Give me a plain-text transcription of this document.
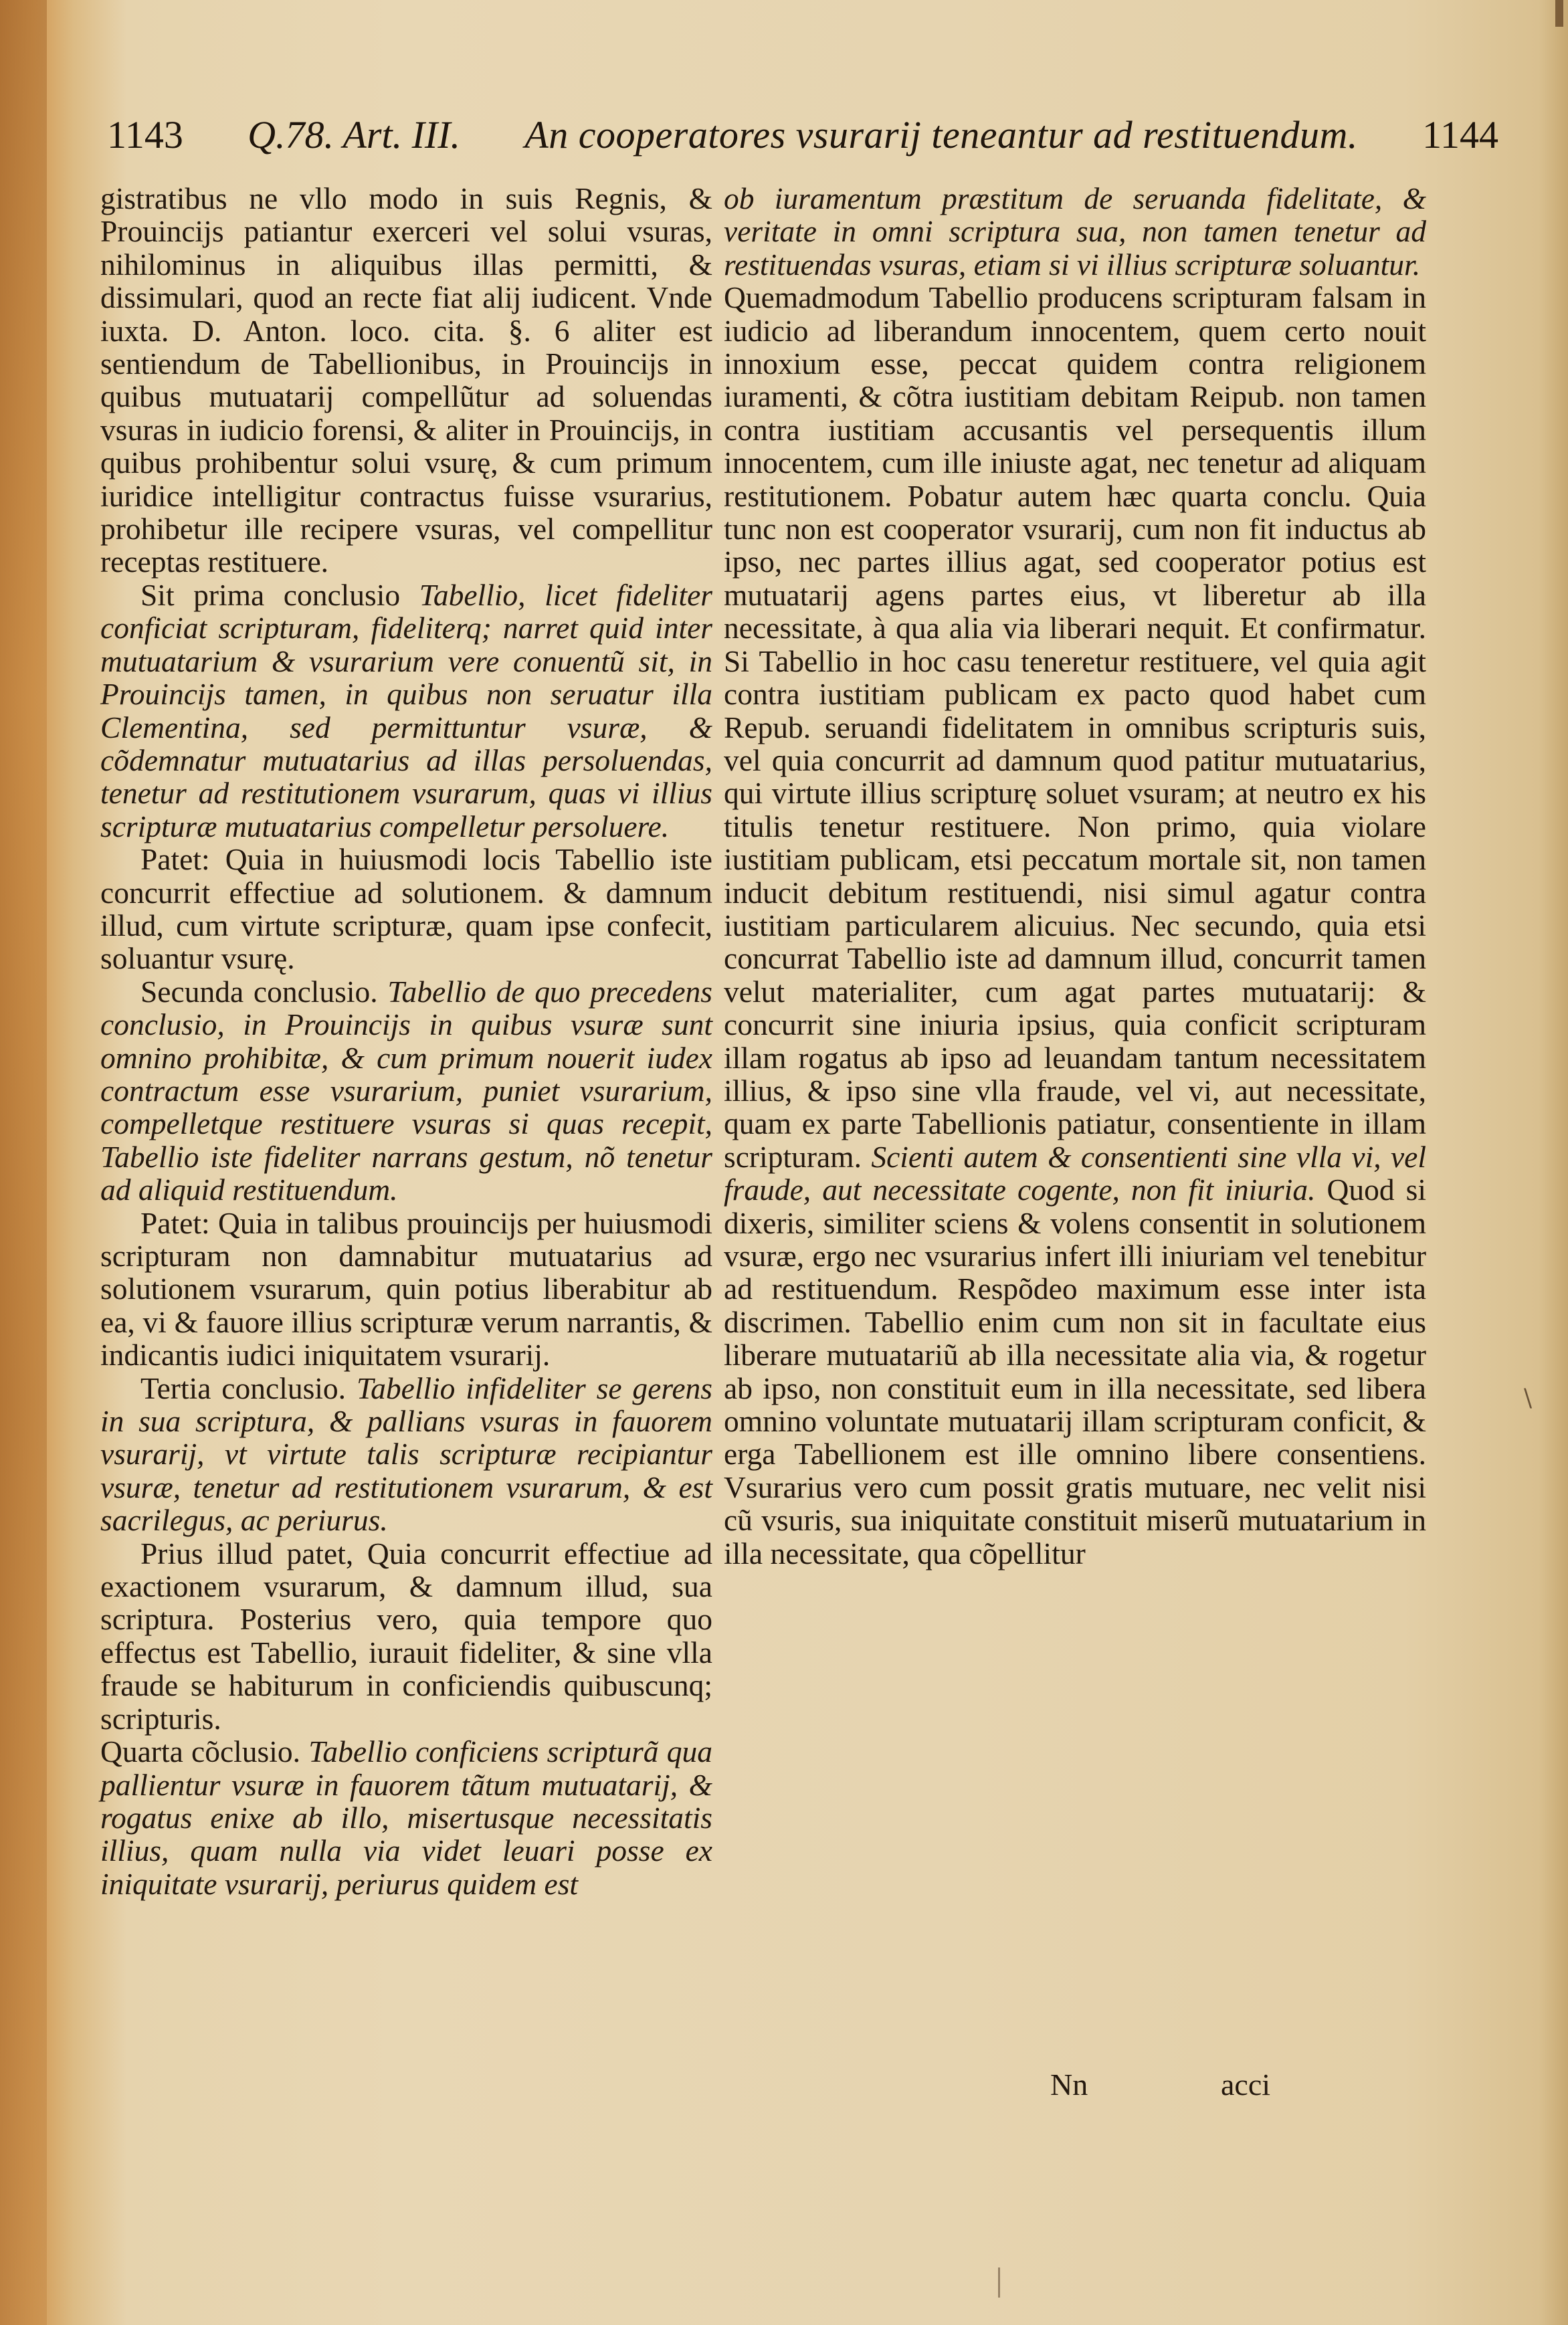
\
1143 Q.78. Art. III. An cooperatores vsurarij teneantur ad restituendum. 1144

gistratibus ne vllo modo in suis Regnis, & Prouincijs patiantur exerceri vel solui vsuras, nihilominus in aliquibus illas permitti, & dissimulari, quod an recte fiat alij iudicent. Vnde iuxta. D. Anton. loco. cita. §. 6 aliter est sentiendum de Tabellionibus, in Prouincijs in quibus mutuatarij compellũtur ad soluendas vsuras in iudicio forensi, & aliter in Prouincijs, in quibus prohibentur solui vsurę, & cum primum iuridice intelligitur contractus fuisse vsurarius, prohibetur ille recipere vsuras, vel compellitur receptas restituere.

Sit prima conclusio Tabellio, licet fideliter conficiat scripturam, fideliterq; narret quid inter mutuatarium & vsurarium vere conuentũ sit, in Prouincijs tamen, in quibus non seruatur illa Clementina, sed permittuntur vsuræ, & cõdemnatur mutuatarius ad illas persoluendas, tenetur ad restitutionem vsurarum, quas vi illius scripturæ mutuatarius compelletur persoluere.

Patet: Quia in huiusmodi locis Tabellio iste concurrit effectiue ad solutionem. & damnum illud, cum virtute scripturæ, quam ipse confecit, soluantur vsurę.

Secunda conclusio. Tabellio de quo precedens conclusio, in Prouincijs in quibus vsuræ sunt omnino prohibitæ, & cum primum nouerit iudex contractum esse vsurarium, puniet vsurarium, compelletque restituere vsuras si quas recepit, Tabellio iste fideliter narrans gestum, nõ tenetur ad aliquid restituendum.

Patet: Quia in talibus prouincijs per huiusmodi scripturam non damnabitur mutuatarius ad solutionem vsurarum, quin potius liberabitur ab ea, vi & fauore illius scripturæ verum narrantis, & indicantis iudici iniquitatem vsurarij.

Tertia conclusio. Tabellio infideliter se gerens in sua scriptura, & pallians vsuras in fauorem vsurarij, vt virtute talis scripturæ recipiantur vsuræ, tenetur ad restitutionem vsurarum, & est sacrilegus, ac periurus.

Prius illud patet, Quia concurrit effectiue ad exactionem vsurarum, & damnum illud, sua scriptura. Posterius vero, quia tempore quo effectus est Tabellio, iurauit fideliter, & sine vlla fraude se habiturum in conficiendis quibuscunq; scripturis.

Quarta cõclusio. Tabellio conficiens scripturã qua pallientur vsuræ in fauorem tãtum mutuatarij, & rogatus enixe ab illo, misertusque necessitatis illius, quam nulla via videt leuari posse ex iniquitate vsurarij, periurus quidem est

ob iuramentum præstitum de seruanda fidelitate, & veritate in omni scriptura sua, non tamen tenetur ad restituendas vsuras, etiam si vi illius scripturæ soluantur.

Quemadmodum Tabellio producens scripturam falsam in iudicio ad liberandum innocentem, quem certo nouit innoxium esse, peccat quidem contra religionem iuramenti, & cõtra iustitiam debitam Reipub. non tamen contra iustitiam accusantis vel persequentis illum innocentem, cum ille iniuste agat, nec tenetur ad aliquam restitutionem. Pobatur autem hæc quarta conclu. Quia tunc non est cooperator vsurarij, cum non fit inductus ab ipso, nec partes illius agat, sed cooperator potius est mutuatarij agens partes eius, vt liberetur ab illa necessitate, à qua alia via liberari nequit. Et confirmatur. Si Tabellio in hoc casu teneretur restituere, vel quia agit contra iustitiam publicam ex pacto quod habet cum Repub. seruandi fidelitatem in omnibus scripturis suis, vel quia concurrit ad damnum quod patitur mutuatarius, qui virtute illius scripturę soluet vsuram; at neutro ex his titulis tenetur restituere. Non primo, quia violare iustitiam publicam, etsi peccatum mortale sit, non tamen inducit debitum restituendi, nisi simul agatur contra iustitiam particularem alicuius. Nec secundo, quia etsi concurrat Tabellio iste ad damnum illud, concurrit tamen velut materialiter, cum agat partes mutuatarij: & concurrit sine iniuria ipsius, quia conficit scripturam illam rogatus ab ipso ad leuandam tantum necessitatem illius, & ipso sine vlla fraude, vel vi, aut necessitate, quam ex parte Tabellionis patiatur, consentiente in illam scripturam. Scienti autem & consentienti sine vlla vi, vel fraude, aut necessitate cogente, non fit iniuria. Quod si dixeris, similiter sciens & volens consentit in solutionem vsuræ, ergo nec vsurarius infert illi iniuriam vel tenebitur ad restituendum. Respõdeo maximum esse inter ista discrimen. Tabellio enim cum non sit in facultate eius liberare mutuatariũ ab illa necessitate alia via, & rogetur ab ipso, non constituit eum in illa necessitate, sed libera omnino voluntate mutuatarij illam scripturam conficit, & erga Tabellionem est ille omnino libere consentiens. Vsurarius vero cum possit gratis mutuare, nec velit nisi cũ vsuris, sua iniquitate constituit miserũ mutuatarium in illa necessitate, qua cõpellitur

Nn	acci
